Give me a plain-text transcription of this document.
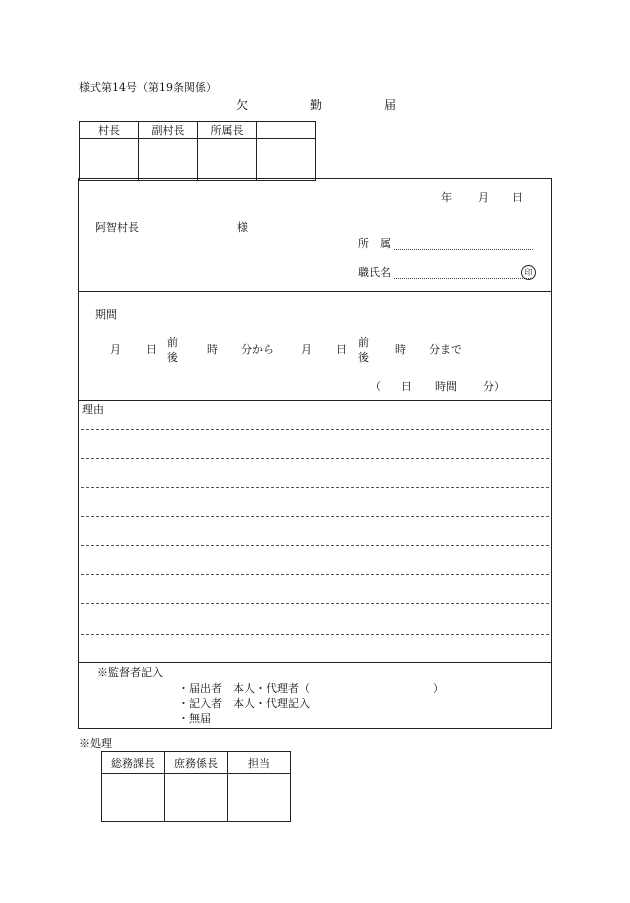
様式第14号（第19条関係）
欠	勤	届
村長	副村長	所属長	

年 月 日
阿智村長	様
所　属
職氏名	印
期間
月 日
前
後
時 分から 月 日
前
後
時 分まで
（ 日 時間 分）
理由
※監督者記入
・届出者　本人・代理者（	）
・記入者　本人・代理記入
・無届
※処理
総務課長	庶務係長	担当
